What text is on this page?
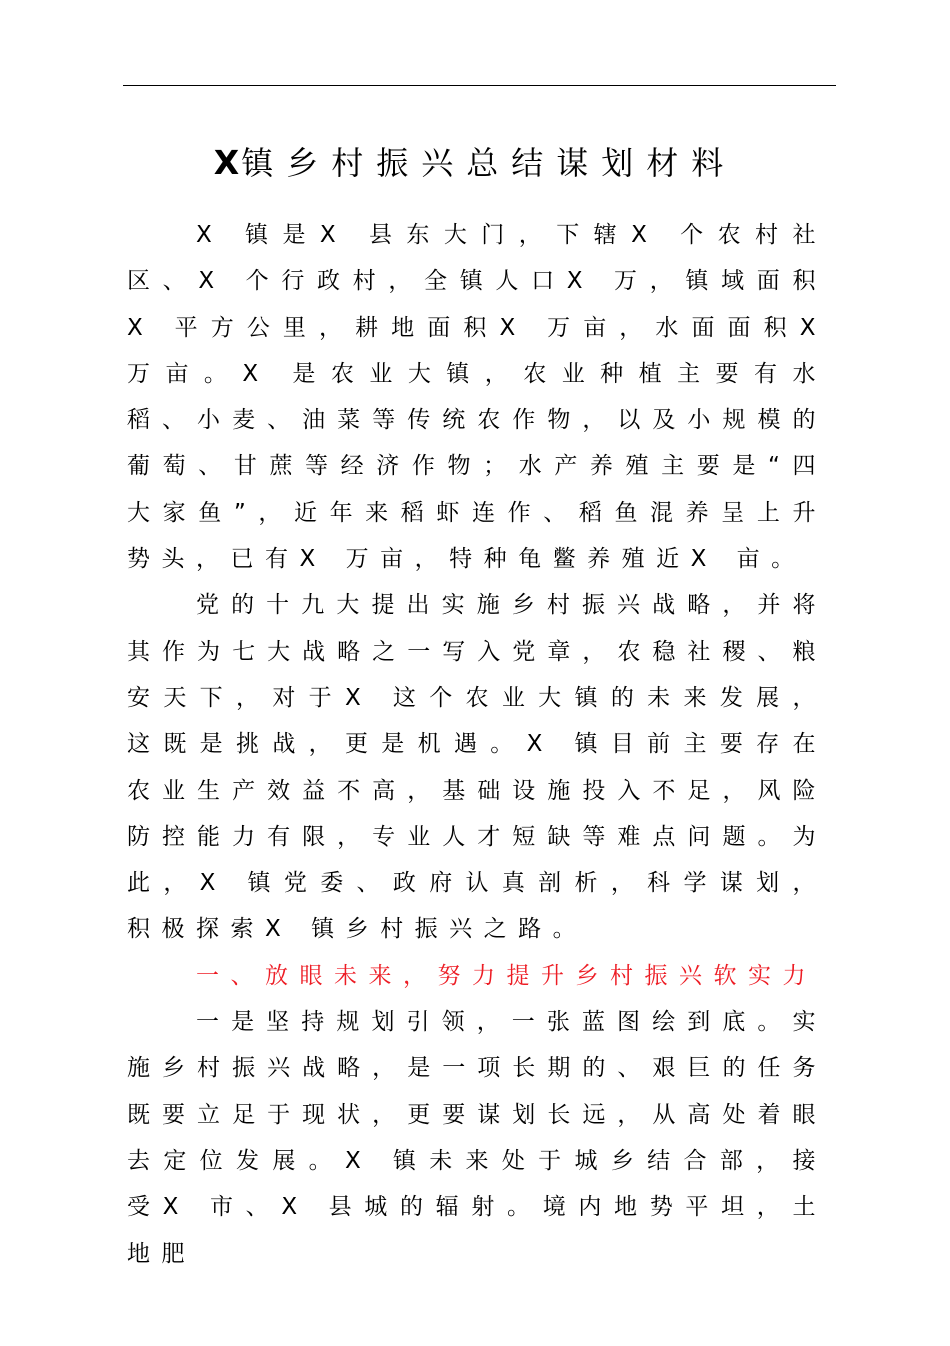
X镇乡村振兴总结谋划材料

X 镇是X 县东大门，下辖X 个农村社区、X 个行政村，全镇人口X 万，镇域面积X 平方公里，耕地面积X 万亩，水面面积X 万亩。X 是农业大镇，农业种植主要有水稻、小麦、油菜等传统农作物，以及小规模的葡萄、甘蔗等经济作物；水产养殖主要是“四大家鱼”，近年来稻虾连作、稻鱼混养呈上升势头，已有X 万亩，特种龟鳖养殖近X 亩。

党的十九大提出实施乡村振兴战略，并将其作为七大战略之一写入党章，农稳社稷、粮安天下，对于X 这个农业大镇的未来发展，这既是挑战，更是机遇。X 镇目前主要存在农业生产效益不高，基础设施投入不足，风险防控能力有限，专业人才短缺等难点问题。为此，X 镇党委、政府认真剖析，科学谋划，积极探索X 镇乡村振兴之路。

一、放眼未来，努力提升乡村振兴软实力

一是坚持规划引领，一张蓝图绘到底。实施乡村振兴战略，是一项长期的、艰巨的任务既要立足于现状，更要谋划长远，从高处着眼去定位发展。X 镇未来处于城乡结合部，接受X 市、X 县城的辐射。境内地势平坦，土地肥
